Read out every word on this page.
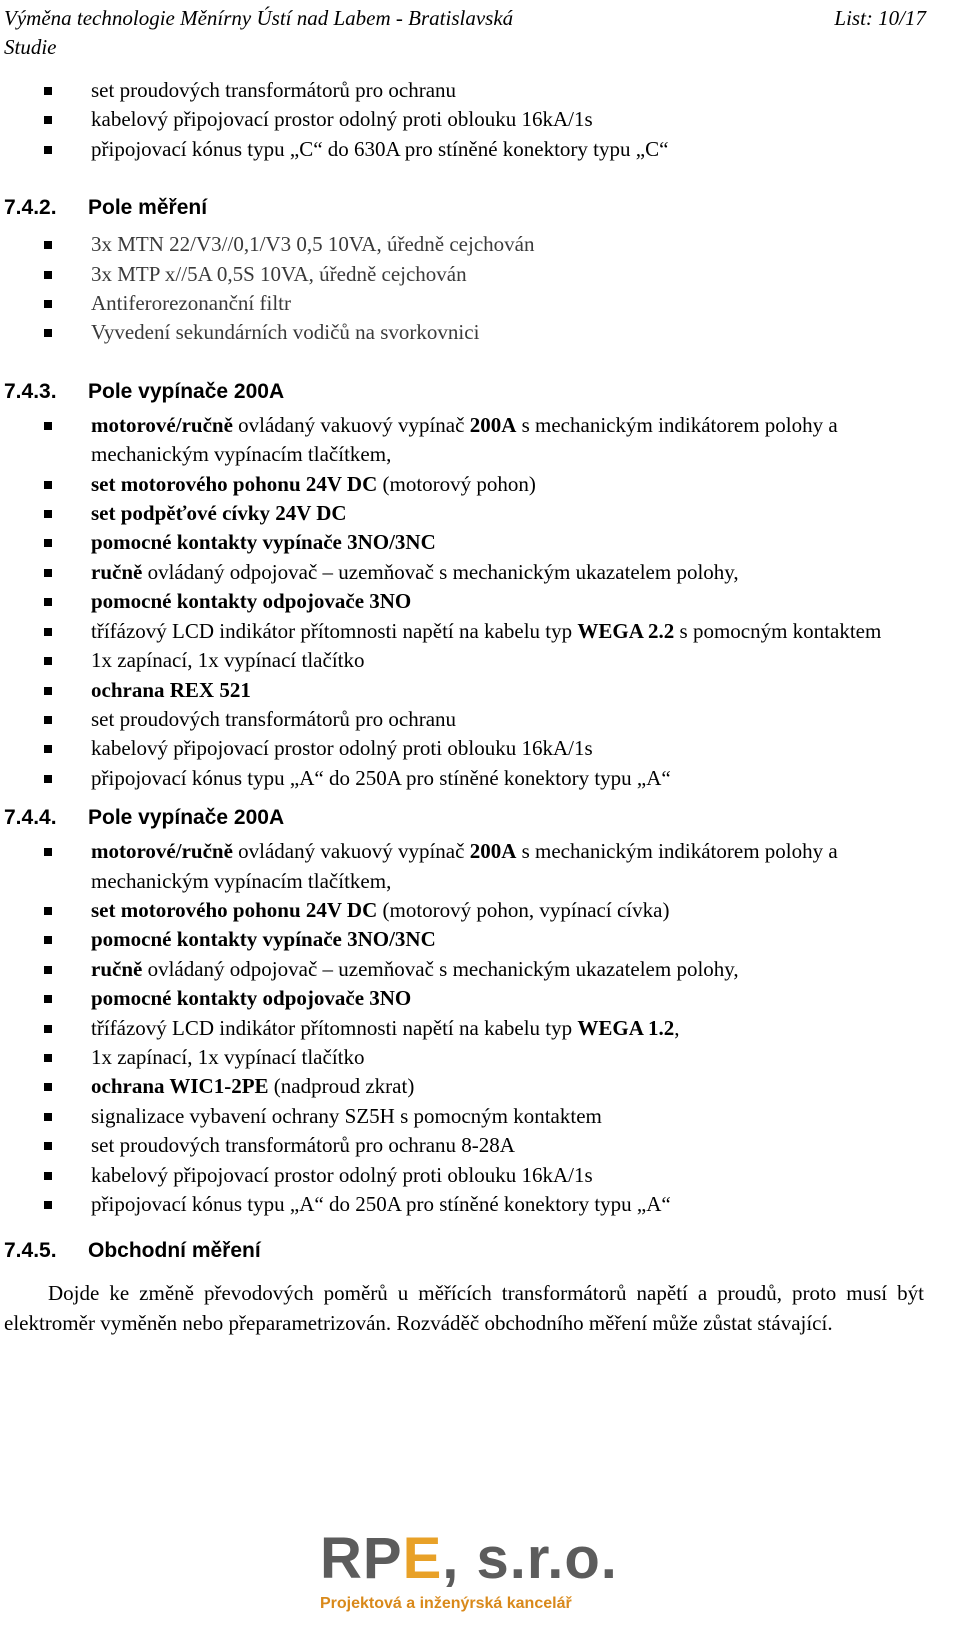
Výměna technologie Měnírny Ústí nad Labem - Bratislavská
Studie
List: 10/17
set proudových transformátorů pro ochranu
kabelový připojovací prostor odolný proti oblouku 16kA/1s
připojovací kónus typu „C“ do 630A pro stíněné konektory typu „C“
7.4.2. Pole měření
3x MTN 22/V3//0,1/V3 0,5 10VA, úředně cejchován
3x MTP x//5A 0,5S 10VA, úředně cejchován
Antiferorezonanční filtr
Vyvedení sekundárních vodičů na svorkovnici
7.4.3. Pole vypínače 200A
motorové/ručně ovládaný vakuový vypínač 200A s mechanickým indikátorem polohy a mechanickým vypínacím tlačítkem,
set motorového pohonu 24V DC (motorový pohon)
set podpěťové cívky 24V DC
pomocné kontakty vypínače 3NO/3NC
ručně ovládaný odpojovač – uzemňovač s mechanickým ukazatelem polohy,
pomocné kontakty odpojovače 3NO
třífázový LCD indikátor přítomnosti napětí na kabelu typ WEGA 2.2 s pomocným kontaktem
1x zapínací, 1x vypínací tlačítko
ochrana REX 521
set proudových transformátorů pro ochranu
kabelový připojovací prostor odolný proti oblouku 16kA/1s
připojovací kónus typu „A“ do 250A pro stíněné konektory typu „A“
7.4.4. Pole vypínače 200A
motorové/ručně ovládaný vakuový vypínač 200A s mechanickým indikátorem polohy a mechanickým vypínacím tlačítkem,
set motorového pohonu 24V DC (motorový pohon, vypínací cívka)
pomocné kontakty vypínače 3NO/3NC
ručně ovládaný odpojovač – uzemňovač s mechanickým ukazatelem polohy,
pomocné kontakty odpojovače 3NO
třífázový LCD indikátor přítomnosti napětí na kabelu typ WEGA 1.2,
1x zapínací, 1x vypínací tlačítko
ochrana WIC1-2PE (nadproud zkrat)
signalizace vybavení ochrany SZ5H s pomocným kontaktem
set proudových transformátorů pro ochranu 8-28A
kabelový připojovací prostor odolný proti oblouku 16kA/1s
připojovací kónus typu „A“ do 250A pro stíněné konektory typu „A“
7.4.5. Obchodní měření

Dojde ke změně převodových poměrů u měřících transformátorů napětí a proudů, proto musí být elektroměr vyměněn nebo přeparametrizován. Rozváděč obchodního měření může zůstat stávající.

RPE, s.r.o.
Projektová a inženýrská kancelář
